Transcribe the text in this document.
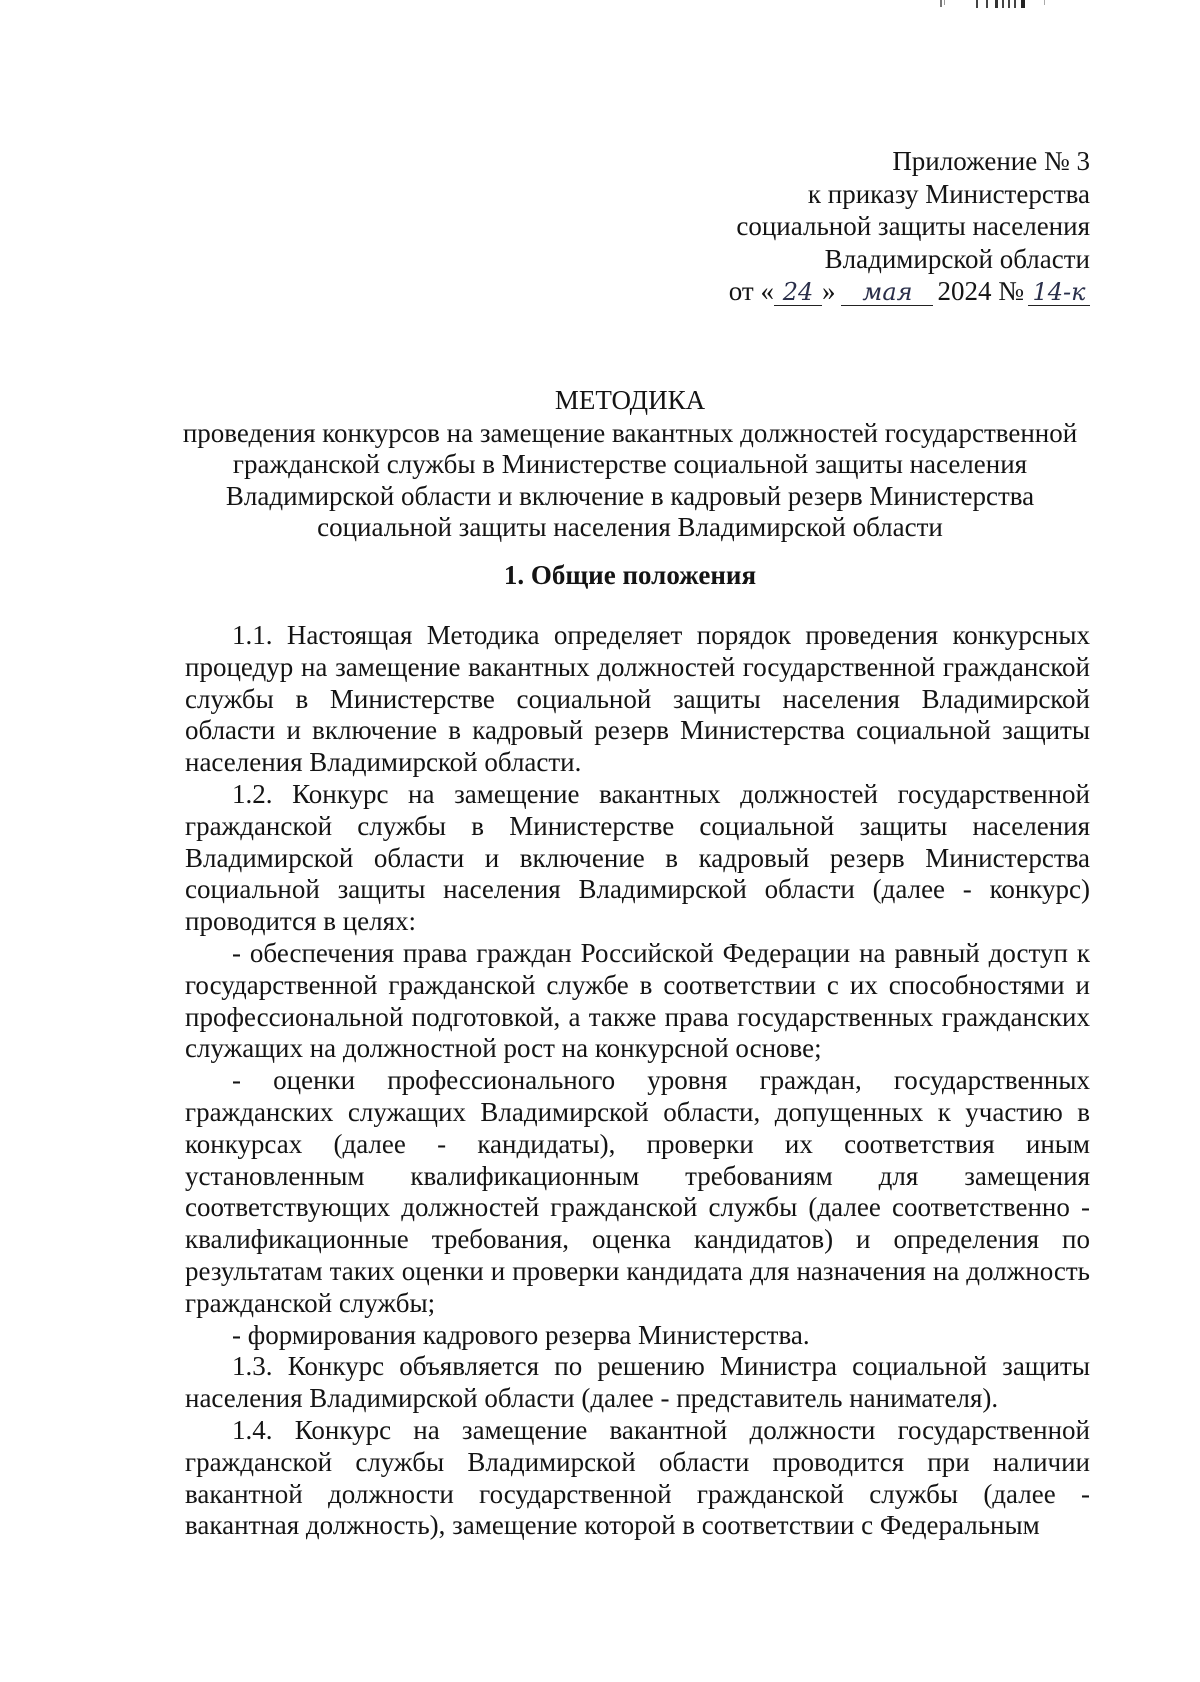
Приложение № 3
к приказу Министерства
социальной защиты населения
Владимирской области
от « 24 »	мая 2024 № 14-к
МЕТОДИКА
проведения конкурсов на замещение вакантных должностей государственной
гражданской службы в Министерстве социальной защиты населения
Владимирской области и включение в кадровый резерв Министерства
социальной защиты населения Владимирской области
1. Общие положения

1.1. Настоящая Методика определяет порядок проведения конкурсных процедур на замещение вакантных должностей государственной гражданской службы в Министерстве социальной защиты населения Владимирской области и включение в кадровый резерв Министерства социальной защиты населения Владимирской области.

1.2. Конкурс на замещение вакантных должностей государственной гражданской службы в Министерстве социальной защиты населения Владимирской области и включение в кадровый резерв Министерства социальной защиты населения Владимирской области (далее - конкурс) проводится в целях:

- обеспечения права граждан Российской Федерации на равный доступ к государственной гражданской службе в соответствии с их способностями и профессиональной подготовкой, а также права государственных гражданских служащих на должностной рост на конкурсной основе;

- оценки профессионального уровня граждан, государственных гражданских служащих Владимирской области, допущенных к участию в конкурсах (далее - кандидаты), проверки их соответствия иным установленным квалификационным требованиям для замещения соответствующих должностей гражданской службы (далее соответственно - квалификационные требования, оценка кандидатов) и определения по результатам таких оценки и проверки кандидата для назначения на должность гражданской службы;

- формирования кадрового резерва Министерства.

1.3. Конкурс объявляется по решению Министра социальной защиты населения Владимирской области (далее - представитель нанимателя).

1.4. Конкурс на замещение вакантной должности государственной гражданской службы Владимирской области проводится при наличии вакантной должности государственной гражданской службы (далее - вакантная должность), замещение которой в соответствии с Федеральным
